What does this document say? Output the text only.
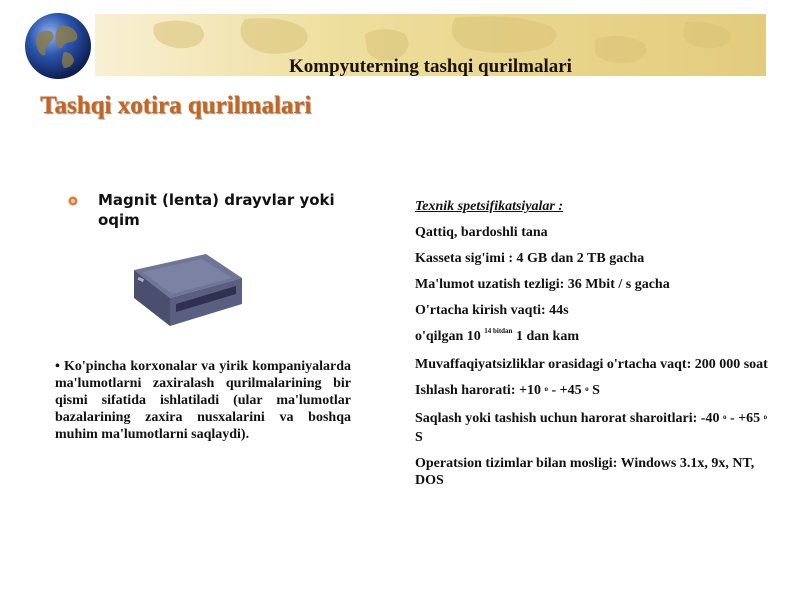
Kompyuterning tashqi qurilmalari
Tashqi xotira qurilmalari
Magnit (lenta) drayvlar yoki oqim
• Ko'pincha korxonalar va yirik kompaniyalarda ma'lumotlarni zaxiralash qurilmalarining bir qismi sifatida ishlatiladi (ular ma'lumotlar bazalarining zaxira nusxalarini va boshqa muhim ma'lumotlarni saqlaydi).
Texnik spetsifikatsiyalar :
Qattiq, bardoshli tana
Kasseta sig'imi : 4 GB dan 2 TB gacha
Ma'lumot uzatish tezligi: 36 Mbit / s gacha
O'rtacha kirish vaqti: 44s
o'qilgan 10 $^{14 bitdan}$ 1 dan kam
Muvaffaqiyatsizliklar orasidagi o'rtacha vaqt: 200 000 soat
Ishlash harorati: +10 $^o$ - +45 $^o$ S
Saqlash yoki tashish uchun harorat sharoitlari: -40 $^o$ - +65 $^o$ S
Operatsion tizimlar bilan mosligi: Windows 3.1x, 9x, NT, DOS
